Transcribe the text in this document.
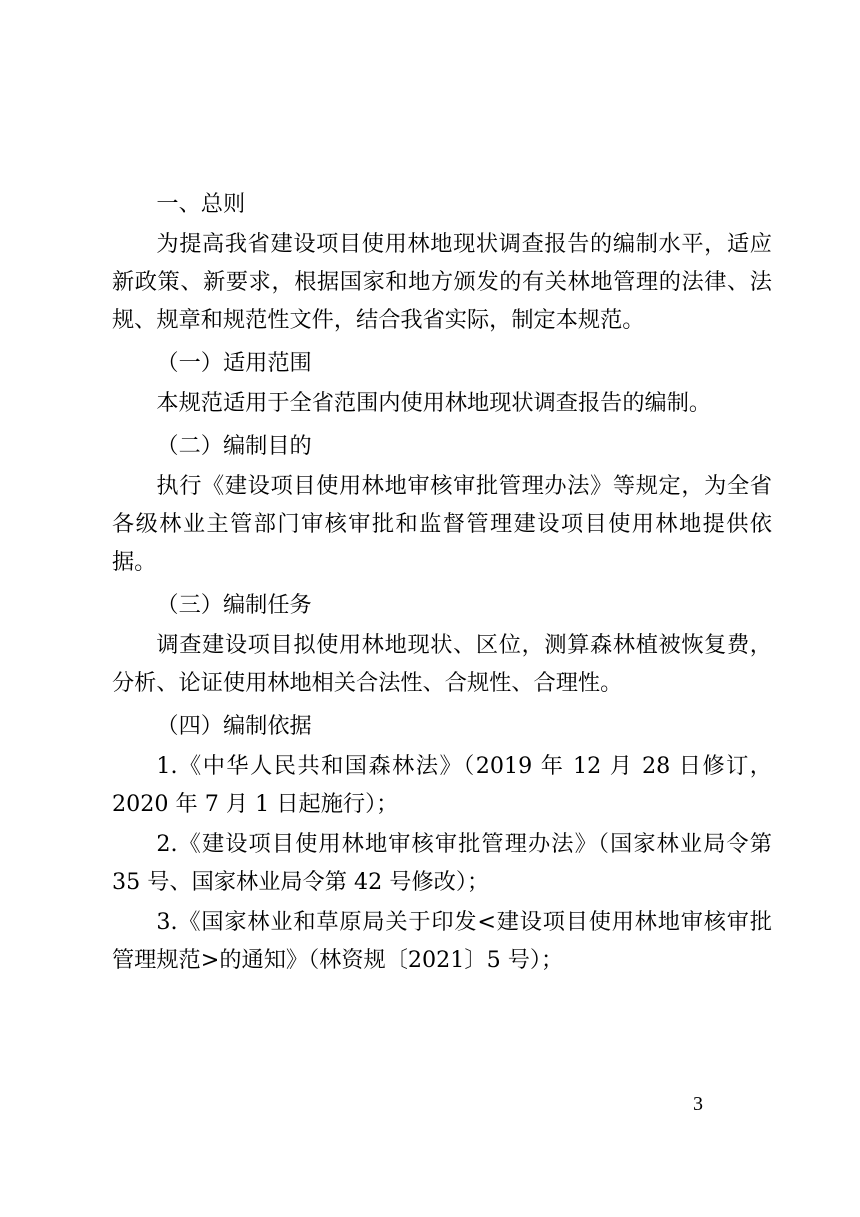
一、总则

为提高我省建设项目使用林地现状调查报告的编制水平，适应新政策、新要求，根据国家和地方颁发的有关林地管理的法律、法规、规章和规范性文件，结合我省实际，制定本规范。

（一）适用范围

本规范适用于全省范围内使用林地现状调查报告的编制。

（二）编制目的

执行《建设项目使用林地审核审批管理办法》等规定，为全省各级林业主管部门审核审批和监督管理建设项目使用林地提供依据。

（三）编制任务

调查建设项目拟使用林地现状、区位，测算森林植被恢复费，分析、论证使用林地相关合法性、合规性、合理性。

（四）编制依据

1.《中华人民共和国森林法》（2019 年 12 月 28 日修订，2020 年 7 月 1 日起施行）；

2.《建设项目使用林地审核审批管理办法》（国家林业局令第 35 号、国家林业局令第 42 号修改）；

3.《国家林业和草原局关于印发<建设项目使用林地审核审批管理规范>的通知》（林资规〔2021〕5 号）；

3
